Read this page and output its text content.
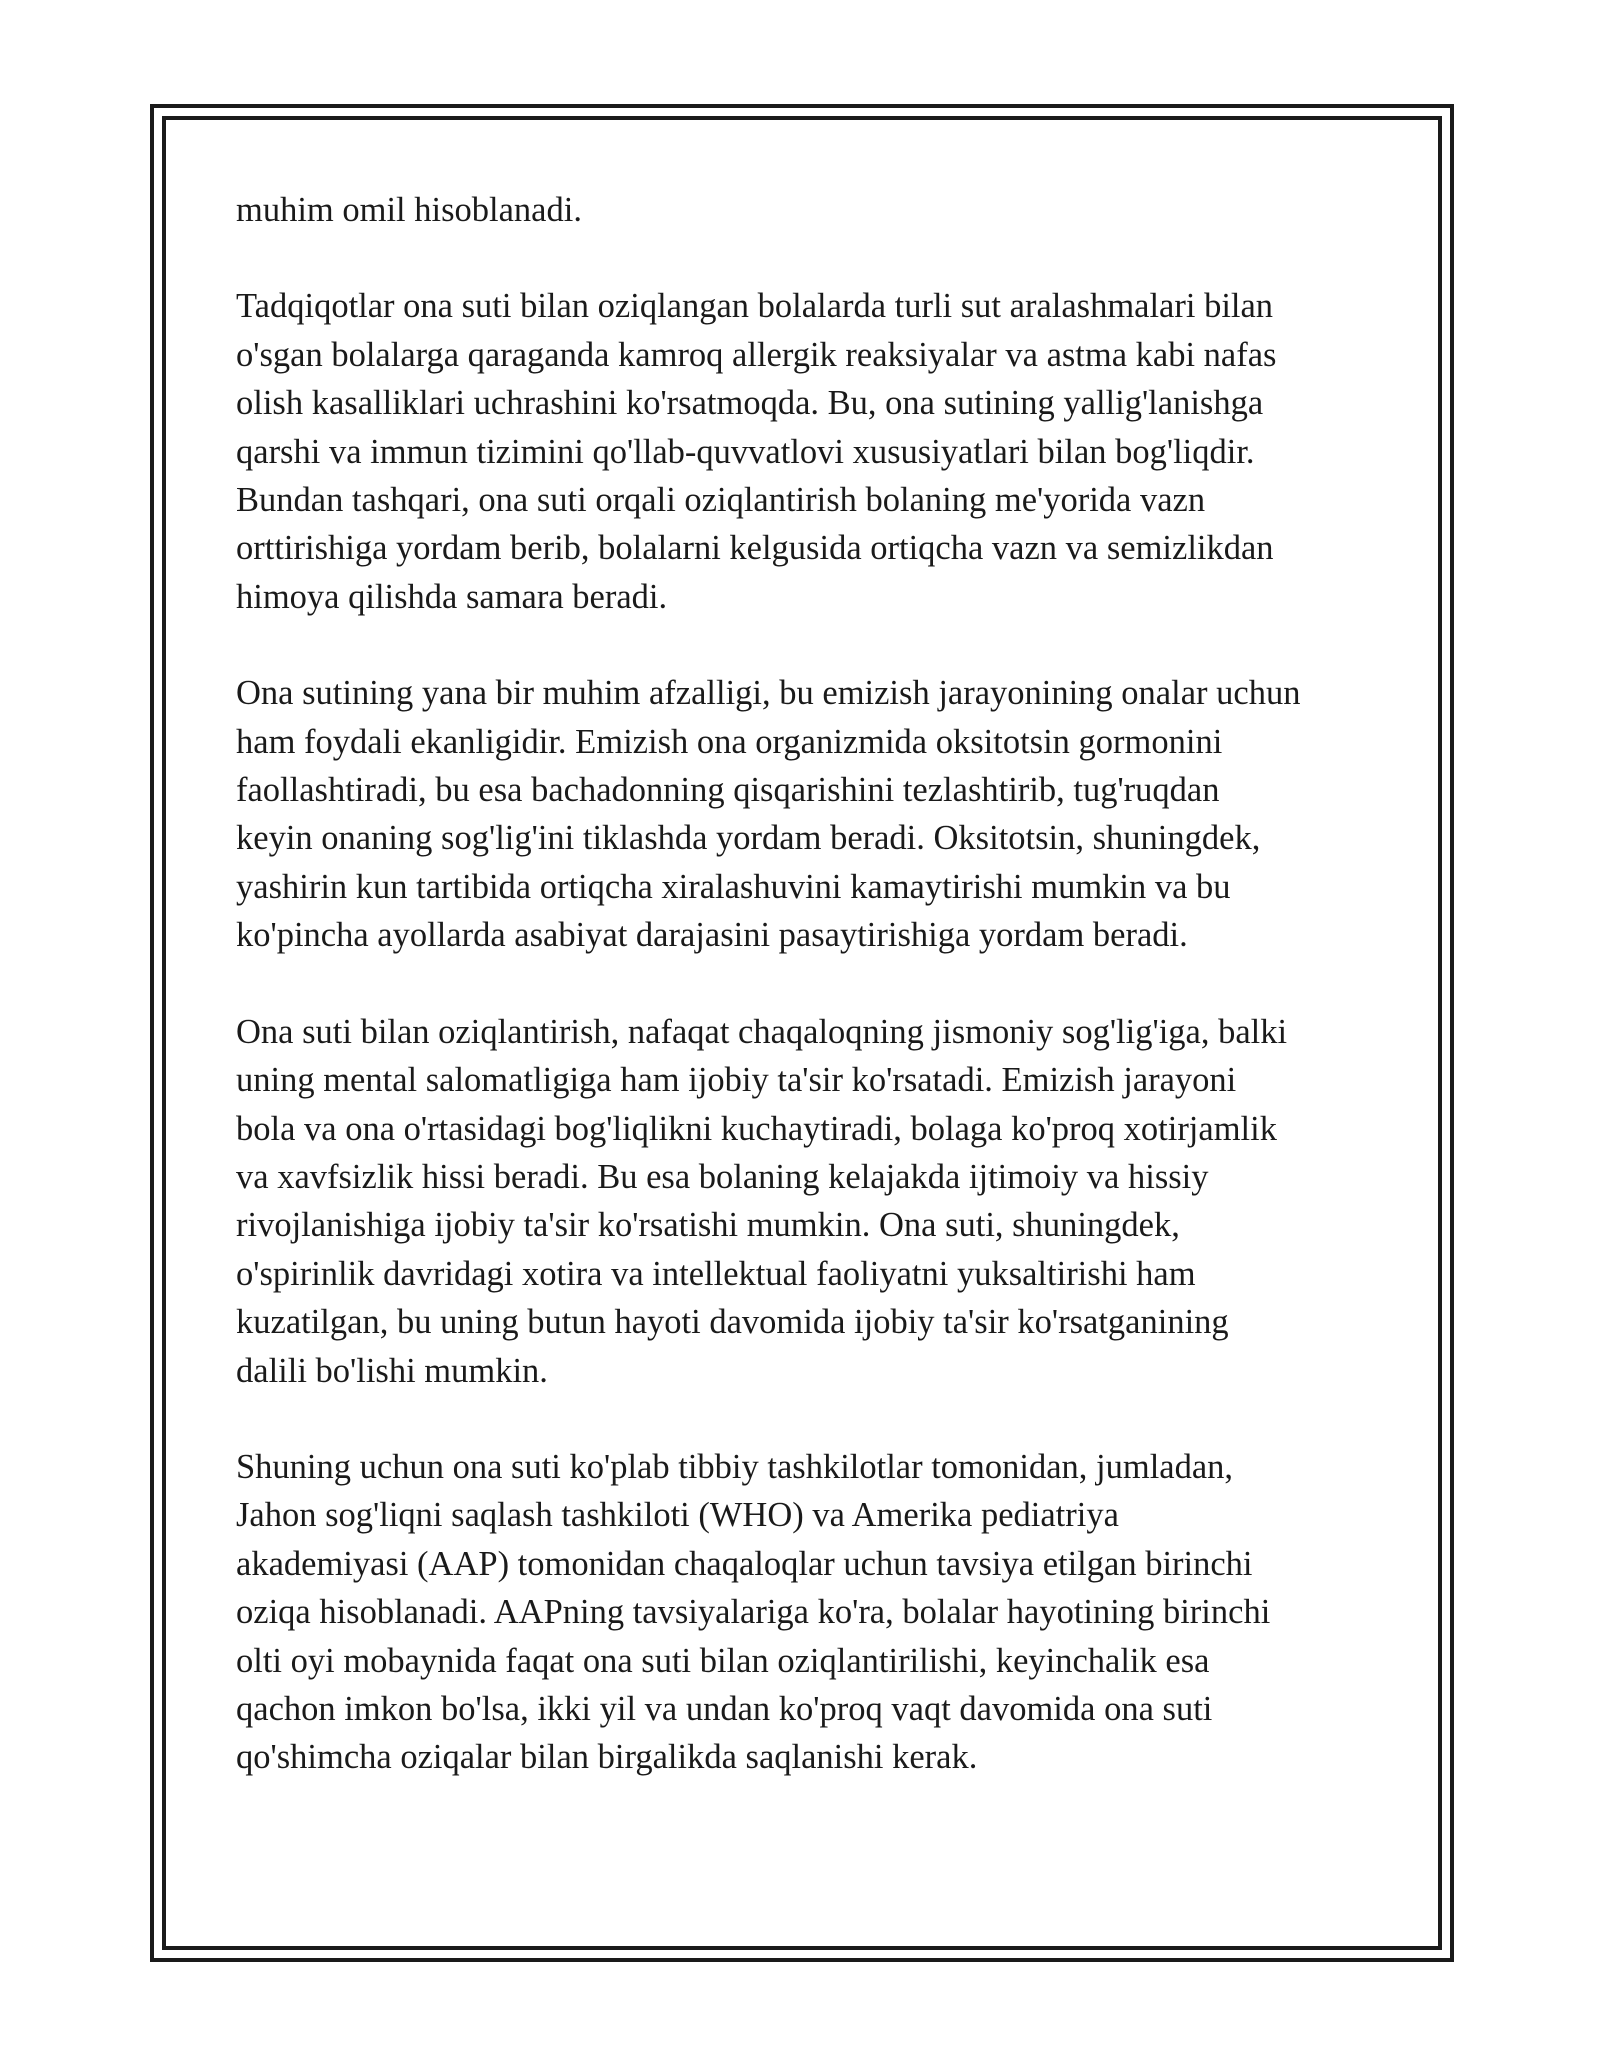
muhim omil hisoblanadi.

Tadqiqotlar ona suti bilan oziqlangan bolalarda turli sut aralashmalari bilan
o'sgan bolalarga qaraganda kamroq allergik reaksiyalar va astma kabi nafas
olish kasalliklari uchrashini ko'rsatmoqda. Bu, ona sutining yallig'lanishga
qarshi va immun tizimini qo'llab-quvvatlovi xususiyatlari bilan bog'liqdir.
Bundan tashqari, ona suti orqali oziqlantirish bolaning me'yorida vazn
orttirishiga yordam berib, bolalarni kelgusida ortiqcha vazn va semizlikdan
himoya qilishda samara beradi.

Ona sutining yana bir muhim afzalligi, bu emizish jarayonining onalar uchun
ham foydali ekanligidir. Emizish ona organizmida oksitotsin gormonini
faollashtiradi, bu esa bachadonning qisqarishini tezlashtirib, tug'ruqdan
keyin onaning sog'lig'ini tiklashda yordam beradi. Oksitotsin, shuningdek,
yashirin kun tartibida ortiqcha xiralashuvini kamaytirishi mumkin va bu
ko'pincha ayollarda asabiyat darajasini pasaytirishiga yordam beradi.

Ona suti bilan oziqlantirish, nafaqat chaqaloqning jismoniy sog'lig'iga, balki
uning mental salomatligiga ham ijobiy ta'sir ko'rsatadi. Emizish jarayoni
bola va ona o'rtasidagi bog'liqlikni kuchaytiradi, bolaga ko'proq xotirjamlik
va xavfsizlik hissi beradi. Bu esa bolaning kelajakda ijtimoiy va hissiy
rivojlanishiga ijobiy ta'sir ko'rsatishi mumkin. Ona suti, shuningdek,
o'spirinlik davridagi xotira va intellektual faoliyatni yuksaltirishi ham
kuzatilgan, bu uning butun hayoti davomida ijobiy ta'sir ko'rsatganining
dalili bo'lishi mumkin.

Shuning uchun ona suti ko'plab tibbiy tashkilotlar tomonidan, jumladan,
Jahon sog'liqni saqlash tashkiloti (WHO) va Amerika pediatriya
akademiyasi (AAP) tomonidan chaqaloqlar uchun tavsiya etilgan birinchi
oziqa hisoblanadi. AAPning tavsiyalariga ko'ra, bolalar hayotining birinchi
olti oyi mobaynida faqat ona suti bilan oziqlantirilishi, keyinchalik esa
qachon imkon bo'lsa, ikki yil va undan ko'proq vaqt davomida ona suti
qo'shimcha oziqalar bilan birgalikda saqlanishi kerak.
